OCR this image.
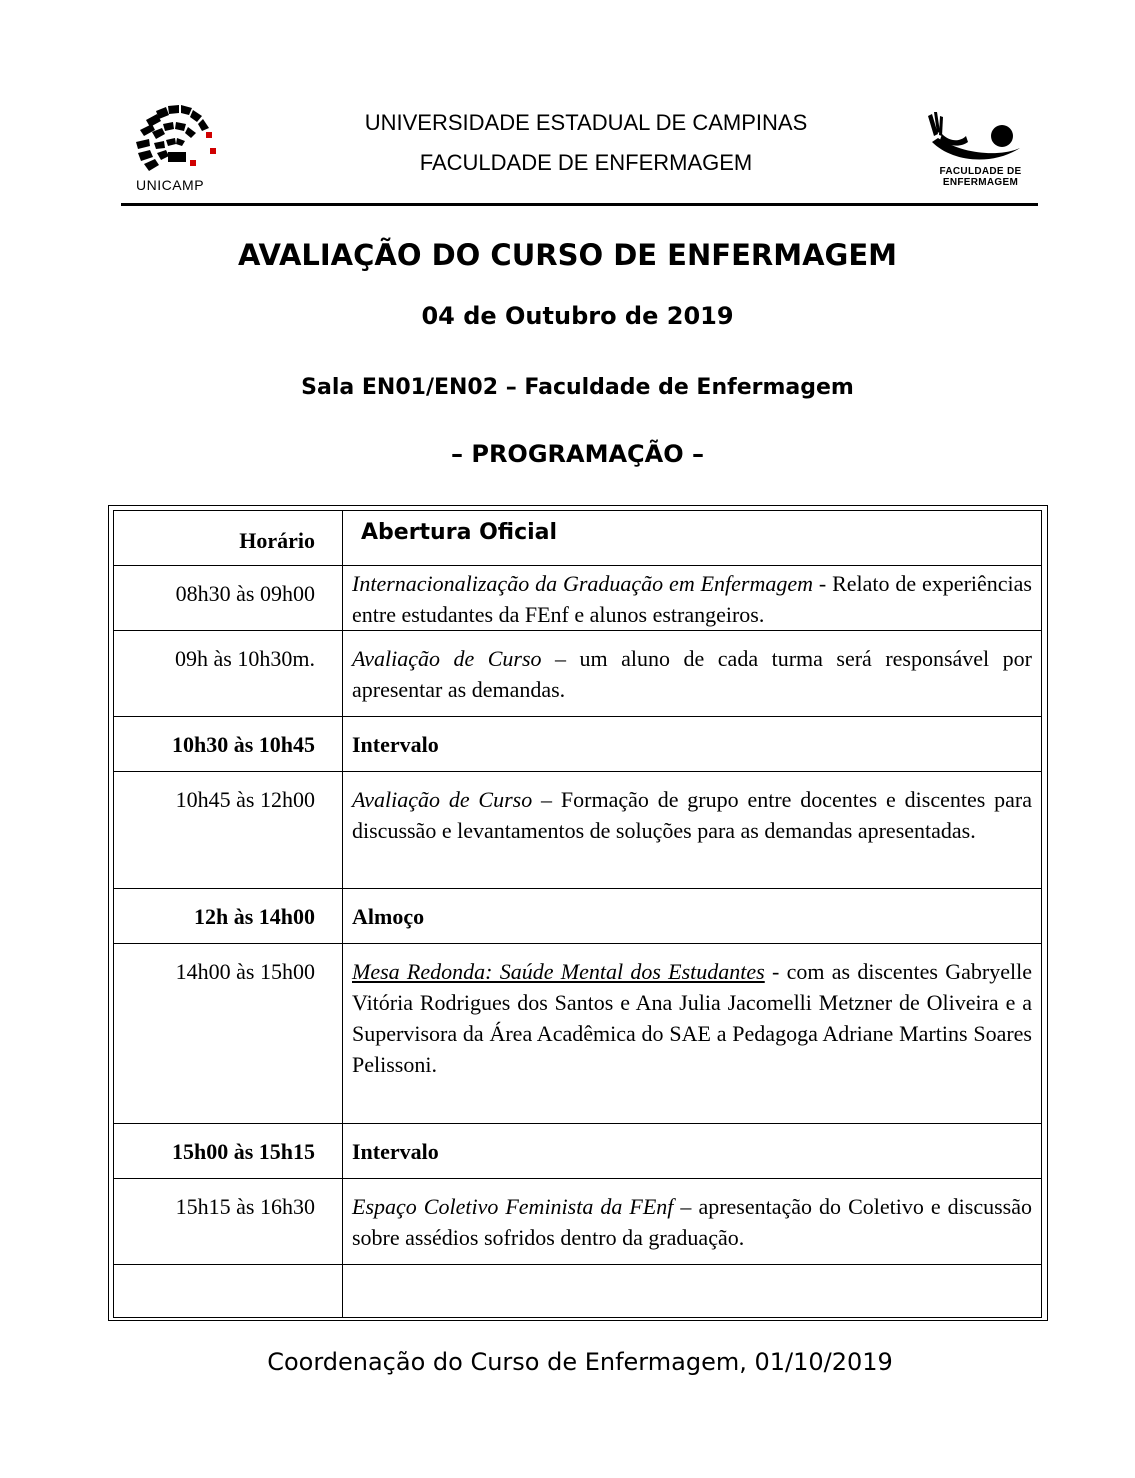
UNICAMP
UNIVERSIDADE ESTADUAL DE CAMPINAS
FACULDADE DE ENFERMAGEM	FACULDADE DE
ENFERMAGEM
AVALIAÇÃO DO CURSO DE ENFERMAGEM
04 de Outubro de 2019
Sala EN01/EN02 – Faculdade de Enfermagem
– PROGRAMAÇÃO –
Horário	Abertura Oficial
08h30 às 09h00	Internacionalização da Graduação em Enfermagem - Relato de experiências entre estudantes da FEnf e alunos estrangeiros.
09h às 10h30m.	Avaliação de Curso – um aluno de cada turma será responsável por apresentar as demandas.
10h30 às 10h45	Intervalo
10h45 às 12h00	Avaliação de Curso – Formação de grupo entre docentes e discentes para discussão e levantamentos de soluções para as demandas apresentadas.
12h às 14h00	Almoço
14h00 às 15h00	Mesa Redonda: Saúde Mental dos Estudantes - com as discentes Gabryelle Vitória Rodrigues dos Santos e Ana Julia Jacomelli Metzner de Oliveira e a Supervisora da Área Acadêmica do SAE a Pedagoga Adriane Martins Soares Pelissoni.
15h00 às 15h15	Intervalo
15h15 às 16h30	Espaço Coletivo Feminista da FEnf – apresentação do Coletivo e discussão sobre assédios sofridos dentro da graduação.

Coordenação do Curso de Enfermagem, 01/10/2019
